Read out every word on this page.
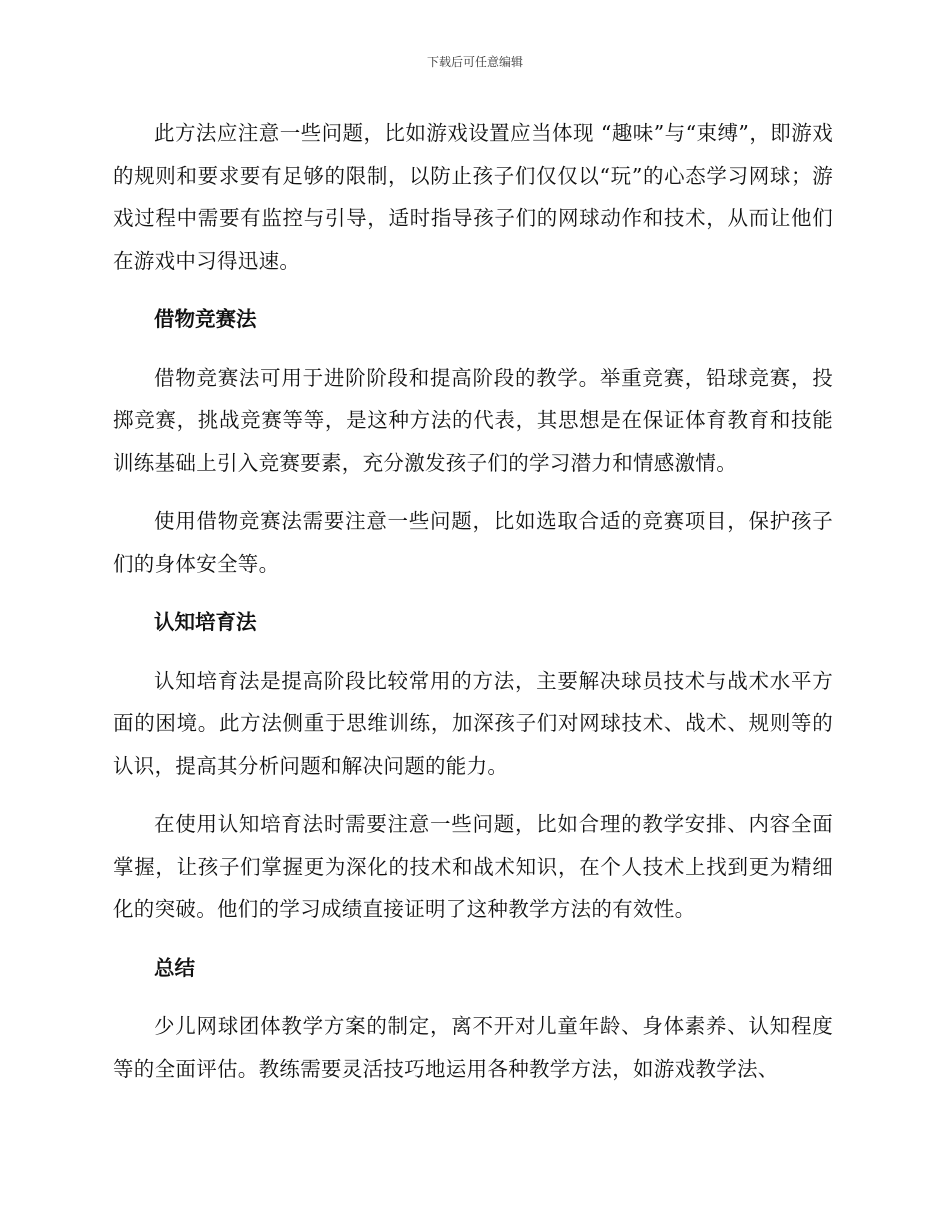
下载后可任意编辑

此方法应注意一些问题，比如游戏设置应当体现 “趣味”与“束缚”，即游戏的规则和要求要有足够的限制，以防止孩子们仅仅以“玩”的心态学习网球；游戏过程中需要有监控与引导，适时指导孩子们的网球动作和技术，从而让他们在游戏中习得迅速。

借物竞赛法

借物竞赛法可用于进阶阶段和提高阶段的教学。举重竞赛，铅球竞赛，投掷竞赛，挑战竞赛等等，是这种方法的代表，其思想是在保证体育教育和技能训练基础上引入竞赛要素，充分激发孩子们的学习潜力和情感激情。

使用借物竞赛法需要注意一些问题，比如选取合适的竞赛项目，保护孩子们的身体安全等。

认知培育法

认知培育法是提高阶段比较常用的方法，主要解决球员技术与战术水平方面的困境。此方法侧重于思维训练，加深孩子们对网球技术、战术、规则等的认识，提高其分析问题和解决问题的能力。

在使用认知培育法时需要注意一些问题，比如合理的教学安排、内容全面掌握，让孩子们掌握更为深化的技术和战术知识，在个人技术上找到更为精细化的突破。他们的学习成绩直接证明了这种教学方法的有效性。

总结

少儿网球团体教学方案的制定，离不开对儿童年龄、身体素养、认知程度等的全面评估。教练需要灵活技巧地运用各种教学方法，如游戏教学法、
